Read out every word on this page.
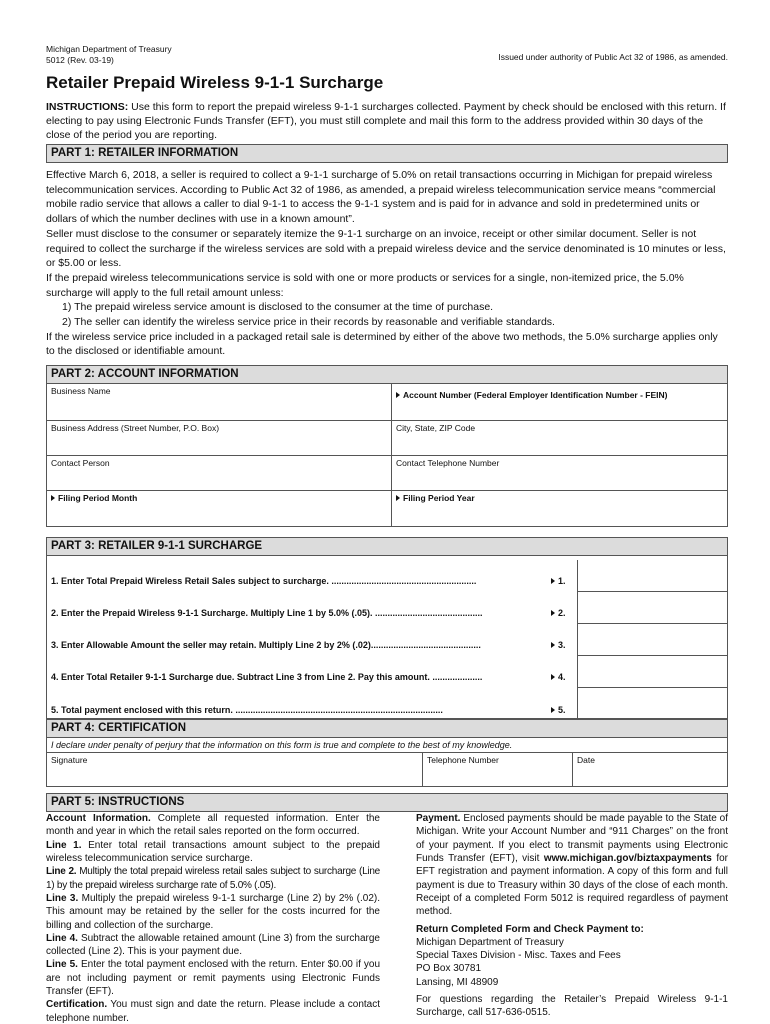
Michigan Department of Treasury
5012 (Rev. 03-19)	Issued under authority of Public Act 32 of 1986, as amended.
Retailer Prepaid Wireless 9-1-1 Surcharge
INSTRUCTIONS: Use this form to report the prepaid wireless 9-1-1 surcharges collected. Payment by check should be enclosed with this return. If electing to pay using Electronic Funds Transfer (EFT), you must still complete and mail this form to the address provided within 30 days of the close of the period you are reporting.
PART 1: RETAILER INFORMATION
Effective March 6, 2018, a seller is required to collect a 9-1-1 surcharge of 5.0% on retail transactions occurring in Michigan for prepaid wireless telecommunication services. According to Public Act 32 of 1986, as amended, a prepaid wireless telecommunication service means “commercial mobile radio service that allows a caller to dial 9-1-1 to access the 9-1-1 system and is paid for in advance and sold in predetermined units or dollars of which the number declines with use in a known amount”.
Seller must disclose to the consumer or separately itemize the 9-1-1 surcharge on an invoice, receipt or other similar document. Seller is not required to collect the surcharge if the wireless services are sold with a prepaid wireless device and the service denominated is 10 minutes or less, or $5.00 or less.
If the prepaid wireless telecommunications service is sold with one or more products or services for a single, non-itemized price, the 5.0% surcharge will apply to the full retail amount unless:
1) The prepaid wireless service amount is disclosed to the consumer at the time of purchase.
2) The seller can identify the wireless service price in their records by reasonable and verifiable standards.
If the wireless service price included in a packaged retail sale is determined by either of the above two methods, the 5.0% surcharge applies only to the disclosed or identifiable amount.
PART 2: ACCOUNT INFORMATION
Business Name	Account Number (Federal Employer Identification Number - FEIN)
Business Address (Street Number, P.O. Box)	City, State, ZIP Code
Contact Person	Contact Telephone Number
Filing Period Month	Filing Period Year
PART 3: RETAILER 9-1-1 SURCHARGE
1. Enter Total Prepaid Wireless Retail Sales subject to surcharge. ..........................................................	1.
2. Enter the Prepaid Wireless 9-1-1 Surcharge. Multiply Line 1 by 5.0% (.05). ...........................................	2.
3. Enter Allowable Amount the seller may retain. Multiply Line 2 by 2% (.02)............................................	3.
4. Enter Total Retailer 9-1-1 Surcharge due. Subtract Line 3 from Line 2. Pay this amount. ....................	4.
5. Total payment enclosed with this return. ...................................................................................	5.
PART 4: CERTIFICATION
I declare under penalty of perjury that the information on this form is true and complete to the best of my knowledge.
Signature	Telephone Number	Date
PART 5: INSTRUCTIONS
Account Information. Complete all requested information. Enter the month and year in which the retail sales reported on the form occurred.
Line 1. Enter total retail transactions amount subject to the prepaid wireless telecommunication service surcharge.
Line 2. Multiply the total prepaid wireless retail sales subject to surcharge (Line 1) by the prepaid wireless surcharge rate of 5.0% (.05).
Line 3. Multiply the prepaid wireless 9-1-1 surcharge (Line 2) by 2% (.02). This amount may be retained by the seller for the costs incurred for the billing and collection of the surcharge.
Line 4. Subtract the allowable retained amount (Line 3) from the surcharge collected (Line 2). This is your payment due.
Line 5. Enter the total payment enclosed with the return. Enter $0.00 if you are not including payment or remit payments using Electronic Funds Transfer (EFT).
Certification. You must sign and date the return. Please include a contact telephone number.
Payment. Enclosed payments should be made payable to the State of Michigan. Write your Account Number and “911 Charges” on the front of your payment. If you elect to transmit payments using Electronic Funds Transfer (EFT), visit www.michigan.gov/biztaxpayments for EFT registration and payment information. A copy of this form and full payment is due to Treasury within 30 days of the close of each month. Receipt of a completed Form 5012 is required regardless of payment method.
Return Completed Form and Check Payment to:
Michigan Department of Treasury
Special Taxes Division - Misc. Taxes and Fees
PO Box 30781
Lansing, MI 48909
For questions regarding the Retailer’s Prepaid Wireless 9-1-1 Surcharge, call 517-636-0515.
